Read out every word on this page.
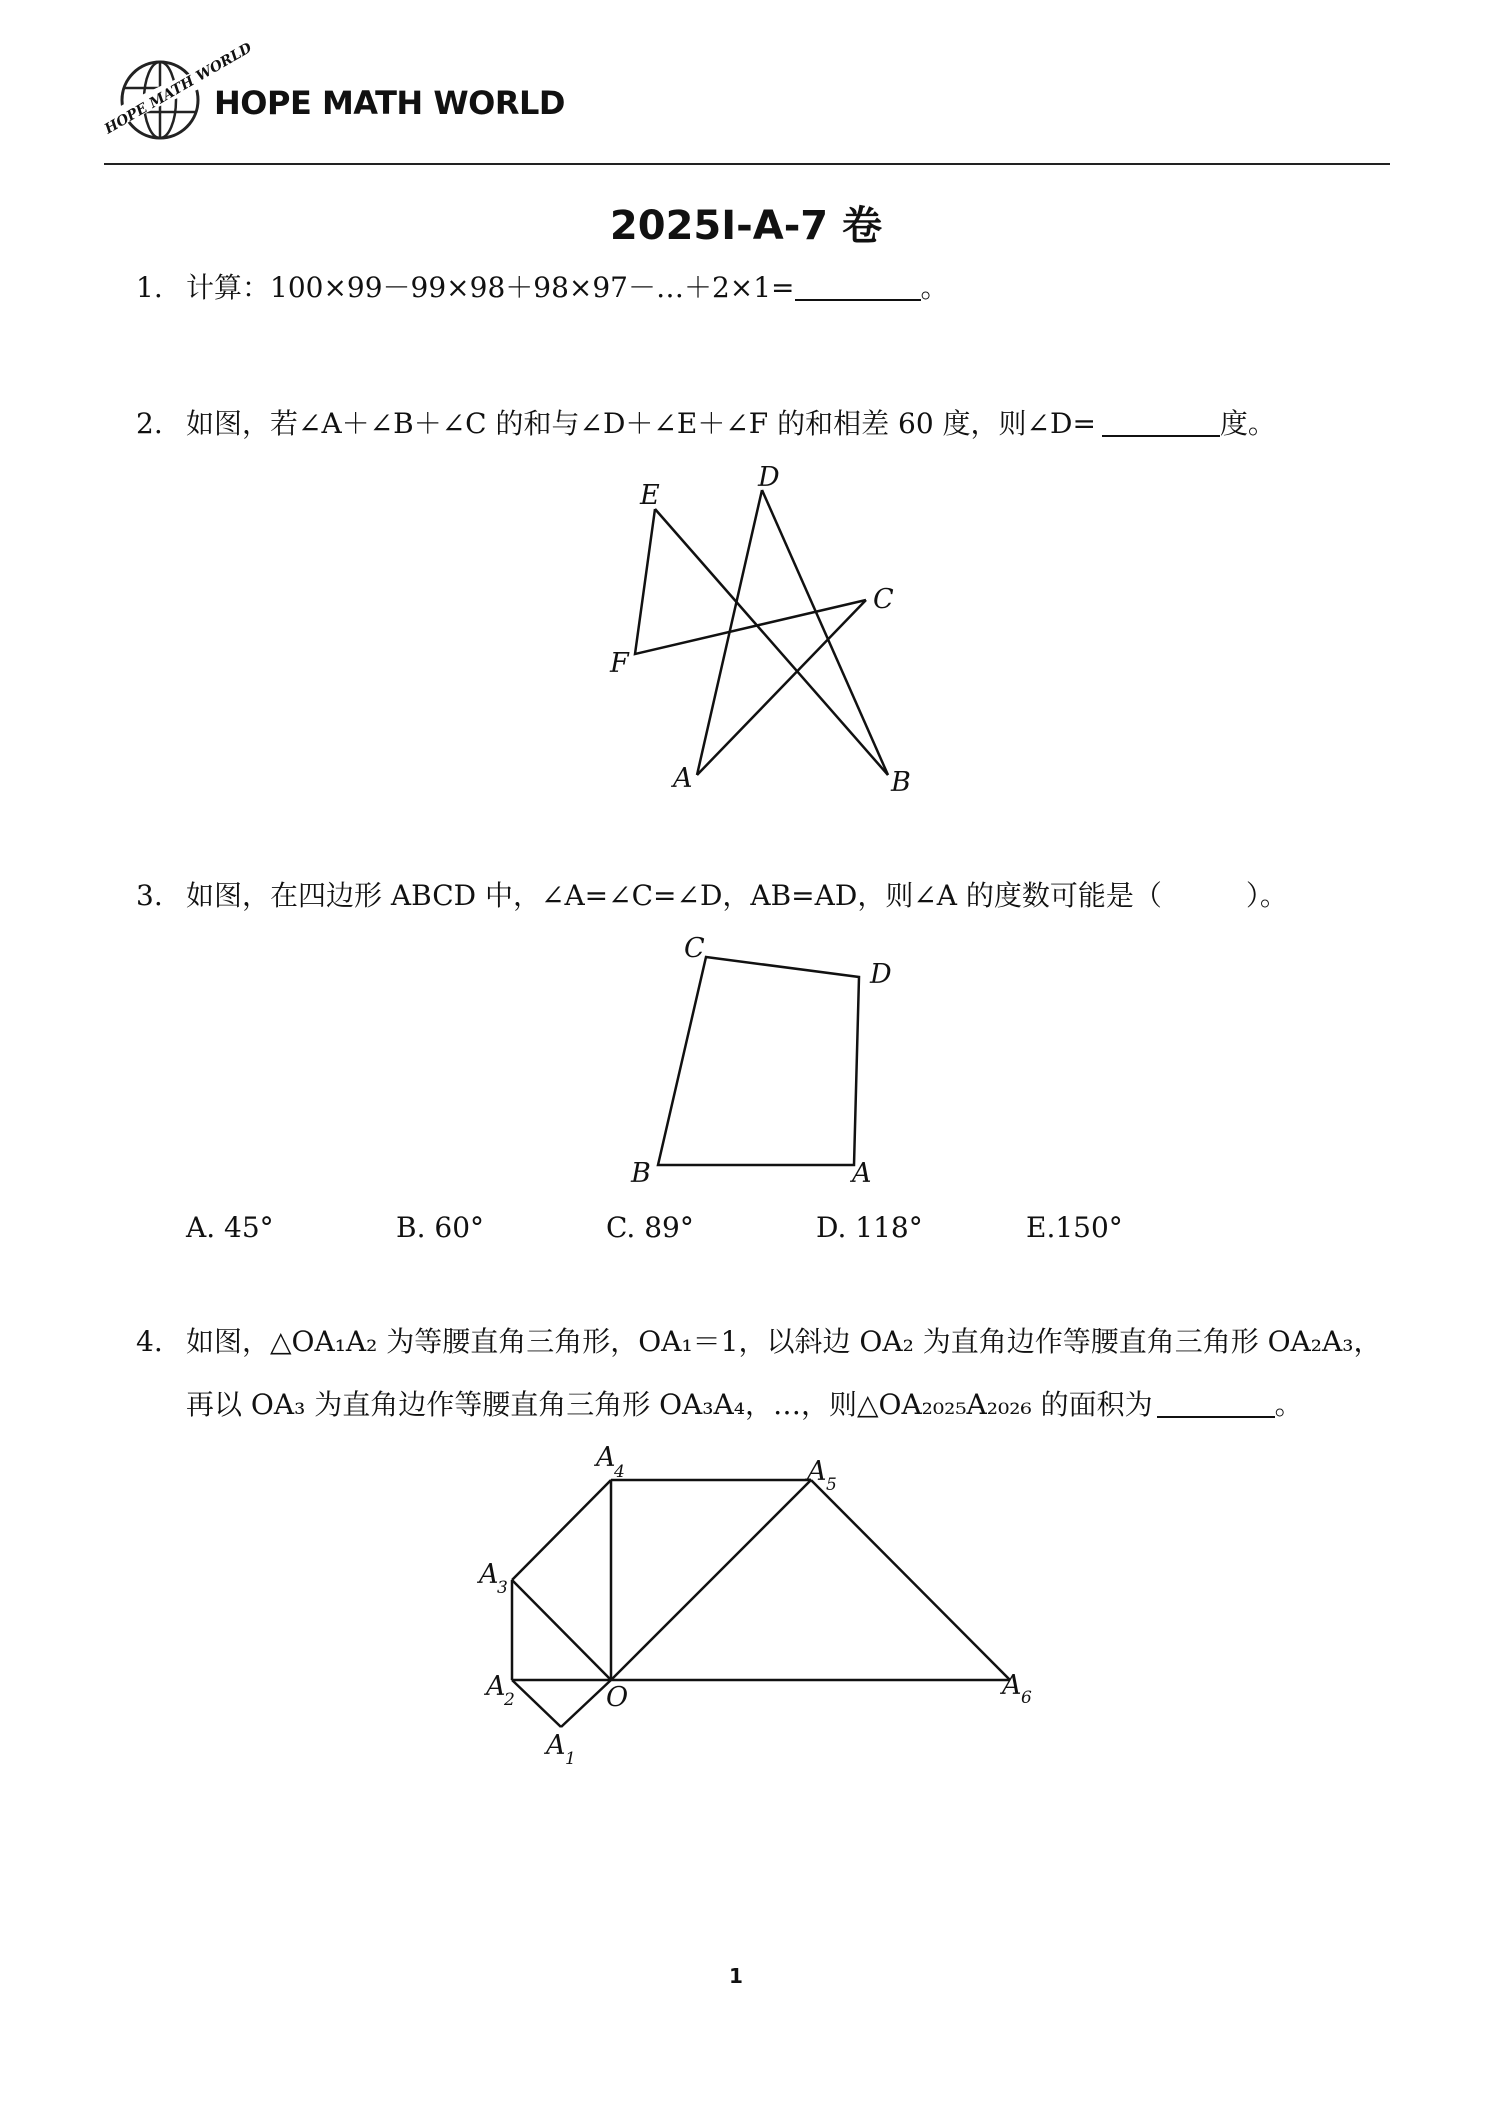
HOPE MATH WORLD
HOPE MATH WORLD
2025I-A-7 卷
1. 计算：100×99－99×98＋98×97－…＋2×1=	。
2. 如图，若∠A＋∠B＋∠C 的和与∠D＋∠E＋∠F 的和相差 60 度，则∠D=	度。
E
D
C
F
A	B
3. 如图，在四边形 ABCD 中，∠A=∠C=∠D，AB=AD，则∠A 的度数可能是（　　　）。
C
D
B	A
A. 45°	B. 60°	C. 89°	D. 118°	E.150°
4. 如图，△OA₁A₂ 为等腰直角三角形，OA₁＝1，以斜边 OA₂ 为直角边作等腰直角三角形 OA₂A₃，
再以 OA₃ 为直角边作等腰直角三角形 OA₃A₄，…，则△OA₂₀₂₅A₂₀₂₆ 的面积为	。
A
4	A 5
A
3
A
2	O	A 6
A 1
1
